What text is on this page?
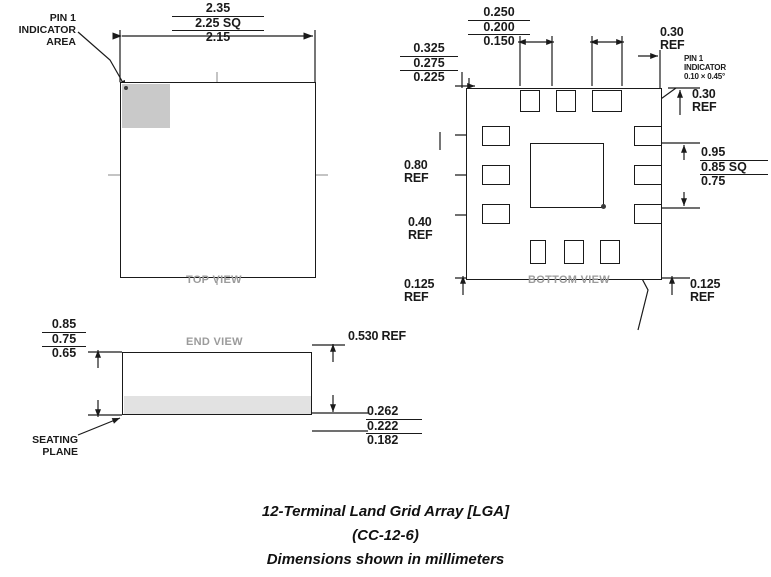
2.35
2.25 SQ
2.15
PIN 1
INDICATOR
AREA
TOP VIEW	BOTTOM VIEW
0.250
0.200
0.150
0.325
0.275
0.225
0.30
REF
0.30
REF
0.80
REF
0.40
REF
0.95
0.85 SQ
0.75
0.125
REF
0.125
REF
PIN 1
INDICATOR
0.10 × 0.45°
END VIEW
0.85
0.75
0.65
0.530 REF
0.262
0.222
0.182
SEATING
PLANE
12-Terminal Land Grid Array [LGA]
(CC-12-6)
Dimensions shown in millimeters
